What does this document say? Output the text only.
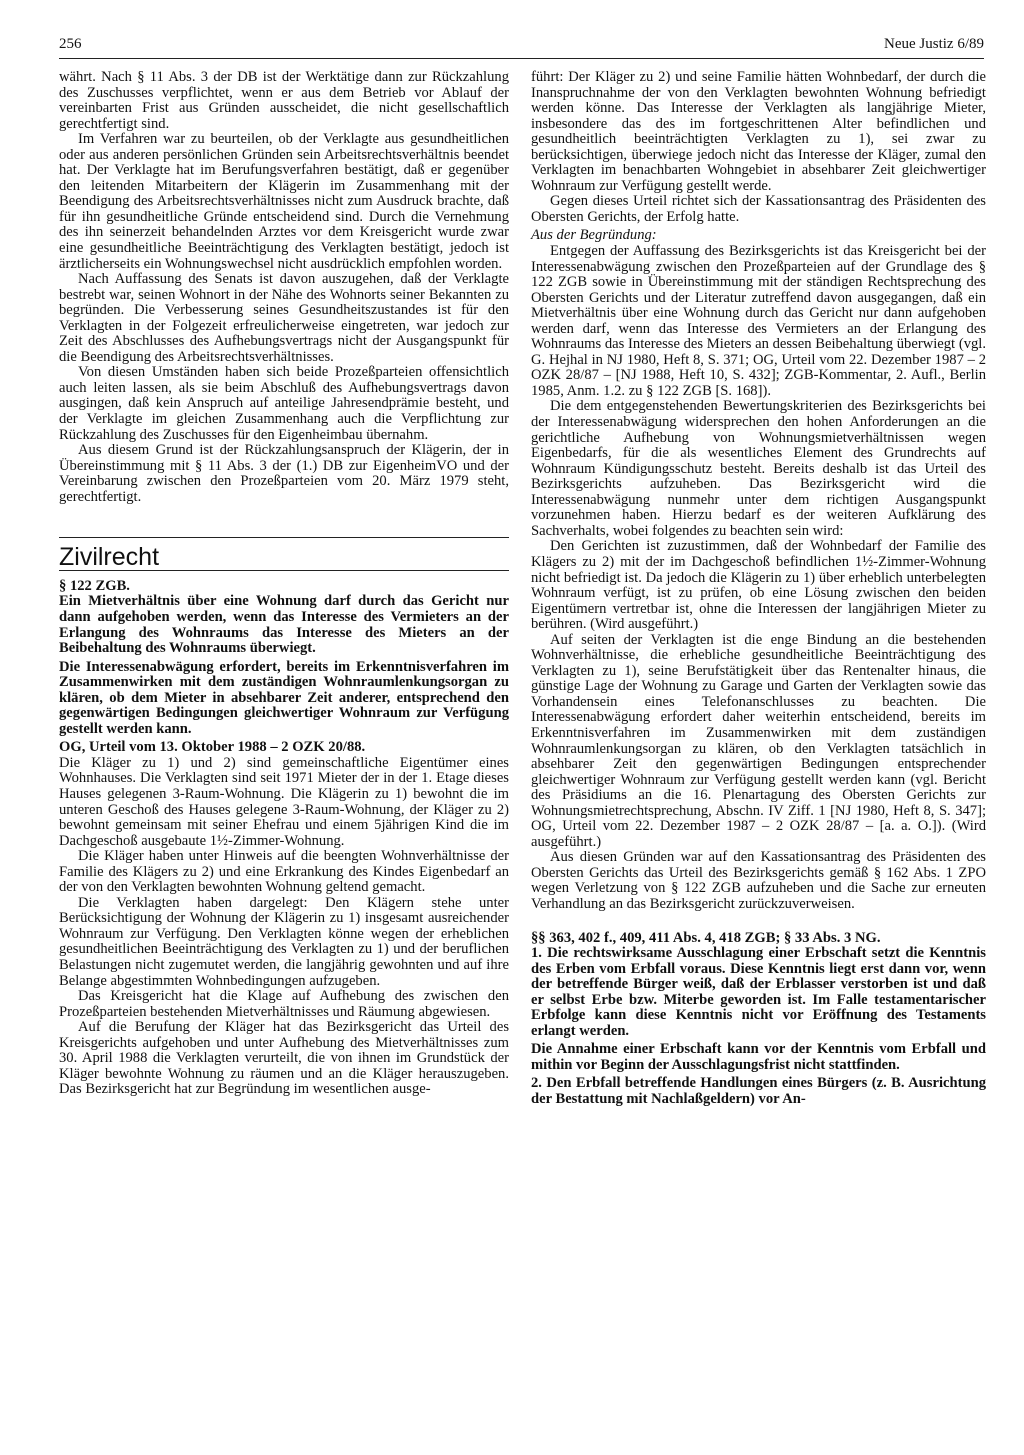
256	Neue Justiz 6/89

währt. Nach § 11 Abs. 3 der DB ist der Werktätige dann zur Rückzahlung des Zuschusses verpflichtet, wenn er aus dem Betrieb vor Ablauf der vereinbarten Frist aus Gründen ausscheidet, die nicht gesellschaftlich gerechtfertigt sind.

Im Verfahren war zu beurteilen, ob der Verklagte aus gesundheitlichen oder aus anderen persönlichen Gründen sein Arbeitsrechtsverhältnis beendet hat. Der Verklagte hat im Berufungsverfahren bestätigt, daß er gegenüber den leitenden Mitarbeitern der Klägerin im Zusammenhang mit der Beendigung des Arbeitsrechtsverhältnisses nicht zum Ausdruck brachte, daß für ihn gesundheitliche Gründe entscheidend sind. Durch die Vernehmung des ihn seinerzeit behandelnden Arztes vor dem Kreisgericht wurde zwar eine gesundheitliche Beeinträchtigung des Verklagten bestätigt, jedoch ist ärztlicherseits ein Wohnungswechsel nicht ausdrücklich empfohlen worden.

Nach Auffassung des Senats ist davon auszugehen, daß der Verklagte bestrebt war, seinen Wohnort in der Nähe des Wohnorts seiner Bekannten zu begründen. Die Verbesserung seines Gesundheitszustandes ist für den Verklagten in der Folgezeit erfreulicherweise eingetreten, war jedoch zur Zeit des Abschlusses des Aufhebungsvertrags nicht der Ausgangspunkt für die Beendigung des Arbeitsrechtsverhältnisses.

Von diesen Umständen haben sich beide Prozeßparteien offensichtlich auch leiten lassen, als sie beim Abschluß des Aufhebungsvertrags davon ausgingen, daß kein Anspruch auf anteilige Jahresendprämie besteht, und der Verklagte im gleichen Zusammenhang auch die Verpflichtung zur Rückzahlung des Zuschusses für den Eigenheimbau übernahm.

Aus diesem Grund ist der Rückzahlungsanspruch der Klägerin, der in Übereinstimmung mit § 11 Abs. 3 der (1.) DB zur EigenheimVO und der Vereinbarung zwischen den Prozeßparteien vom 20. März 1979 steht, gerechtfertigt.

Zivilrecht

§ 122 ZGB.

Ein Mietverhältnis über eine Wohnung darf durch das Gericht nur dann aufgehoben werden, wenn das Interesse des Vermieters an der Erlangung des Wohnraums das Interesse des Mieters an der Beibehaltung des Wohnraums überwiegt.

Die Interessenabwägung erfordert, bereits im Erkenntnisverfahren im Zusammenwirken mit dem zuständigen Wohnraumlenkungsorgan zu klären, ob dem Mieter in absehbarer Zeit anderer, entsprechend den gegenwärtigen Bedingungen gleichwertiger Wohnraum zur Verfügung gestellt werden kann.

OG, Urteil vom 13. Oktober 1988 – 2 OZK 20/88.

Die Kläger zu 1) und 2) sind gemeinschaftliche Eigentümer eines Wohnhauses. Die Verklagten sind seit 1971 Mieter der in der 1. Etage dieses Hauses gelegenen 3-Raum-Wohnung. Die Klägerin zu 1) bewohnt die im unteren Geschoß des Hauses gelegene 3-Raum-Wohnung, der Kläger zu 2) bewohnt gemeinsam mit seiner Ehefrau und einem 5jährigen Kind die im Dachgeschoß ausgebaute 1½-Zimmer-Wohnung.

Die Kläger haben unter Hinweis auf die beengten Wohnverhältnisse der Familie des Klägers zu 2) und eine Erkrankung des Kindes Eigenbedarf an der von den Verklagten bewohnten Wohnung geltend gemacht.

Die Verklagten haben dargelegt: Den Klägern stehe unter Berücksichtigung der Wohnung der Klägerin zu 1) insgesamt ausreichender Wohnraum zur Verfügung. Den Verklagten könne wegen der erheblichen gesundheitlichen Beeinträchtigung des Verklagten zu 1) und der beruflichen Belastungen nicht zugemutet werden, die langjährig gewohnten und auf ihre Belange abgestimmten Wohnbedingungen aufzugeben.

Das Kreisgericht hat die Klage auf Aufhebung des zwischen den Prozeßparteien bestehenden Mietverhältnisses und Räumung abgewiesen.

Auf die Berufung der Kläger hat das Bezirksgericht das Urteil des Kreisgerichts aufgehoben und unter Aufhebung des Mietverhältnisses zum 30. April 1988 die Verklagten verurteilt, die von ihnen im Grundstück der Kläger bewohnte Wohnung zu räumen und an die Kläger herauszugeben. Das Bezirksgericht hat zur Begründung im wesentlichen ausge-

führt: Der Kläger zu 2) und seine Familie hätten Wohnbedarf, der durch die Inanspruchnahme der von den Verklagten bewohnten Wohnung befriedigt werden könne. Das Interesse der Verklagten als langjährige Mieter, insbesondere das des im fortgeschrittenen Alter befindlichen und gesundheitlich beeinträchtigten Verklagten zu 1), sei zwar zu berücksichtigen, überwiege jedoch nicht das Interesse der Kläger, zumal den Verklagten im benachbarten Wohngebiet in absehbarer Zeit gleichwertiger Wohnraum zur Verfügung gestellt werde.

Gegen dieses Urteil richtet sich der Kassationsantrag des Präsidenten des Obersten Gerichts, der Erfolg hatte.

Aus der Begründung:

Entgegen der Auffassung des Bezirksgerichts ist das Kreisgericht bei der Interessenabwägung zwischen den Prozeßparteien auf der Grundlage des § 122 ZGB sowie in Übereinstimmung mit der ständigen Rechtsprechung des Obersten Gerichts und der Literatur zutreffend davon ausgegangen, daß ein Mietverhältnis über eine Wohnung durch das Gericht nur dann aufgehoben werden darf, wenn das Interesse des Vermieters an der Erlangung des Wohnraums das Interesse des Mieters an dessen Beibehaltung überwiegt (vgl. G. Hejhal in NJ 1980, Heft 8, S. 371; OG, Urteil vom 22. Dezember 1987 – 2 OZK 28/87 – [NJ 1988, Heft 10, S. 432]; ZGB-Kommentar, 2. Aufl., Berlin 1985, Anm. 1.2. zu § 122 ZGB [S. 168]).

Die dem entgegenstehenden Bewertungskriterien des Bezirksgerichts bei der Interessenabwägung widersprechen den hohen Anforderungen an die gerichtliche Aufhebung von Wohnungsmietverhältnissen wegen Eigenbedarfs, für die als wesentliches Element des Grundrechts auf Wohnraum Kündigungsschutz besteht. Bereits deshalb ist das Urteil des Bezirksgerichts aufzuheben. Das Bezirksgericht wird die Interessenabwägung nunmehr unter dem richtigen Ausgangspunkt vorzunehmen haben. Hierzu bedarf es der weiteren Aufklärung des Sachverhalts, wobei folgendes zu beachten sein wird:

Den Gerichten ist zuzustimmen, daß der Wohnbedarf der Familie des Klägers zu 2) mit der im Dachgeschoß befindlichen 1½-Zimmer-Wohnung nicht befriedigt ist. Da jedoch die Klägerin zu 1) über erheblich unterbelegten Wohnraum verfügt, ist zu prüfen, ob eine Lösung zwischen den beiden Eigentümern vertretbar ist, ohne die Interessen der langjährigen Mieter zu berühren. (Wird ausgeführt.)

Auf seiten der Verklagten ist die enge Bindung an die bestehenden Wohnverhältnisse, die erhebliche gesundheitliche Beeinträchtigung des Verklagten zu 1), seine Berufstätigkeit über das Rentenalter hinaus, die günstige Lage der Wohnung zu Garage und Garten der Verklagten sowie das Vorhandensein eines Telefonanschlusses zu beachten. Die Interessenabwägung erfordert daher weiterhin entscheidend, bereits im Erkenntnisverfahren im Zusammenwirken mit dem zuständigen Wohnraumlenkungsorgan zu klären, ob den Verklagten tatsächlich in absehbarer Zeit den gegenwärtigen Bedingungen entsprechender gleichwertiger Wohnraum zur Verfügung gestellt werden kann (vgl. Bericht des Präsidiums an die 16. Plenartagung des Obersten Gerichts zur Wohnungsmietrechtsprechung, Abschn. IV Ziff. 1 [NJ 1980, Heft 8, S. 347]; OG, Urteil vom 22. Dezember 1987 – 2 OZK 28/87 – [a. a. O.]). (Wird ausgeführt.)

Aus diesen Gründen war auf den Kassationsantrag des Präsidenten des Obersten Gerichts das Urteil des Bezirksgerichts gemäß § 162 Abs. 1 ZPO wegen Verletzung von § 122 ZGB aufzuheben und die Sache zur erneuten Verhandlung an das Bezirksgericht zurückzuverweisen.

§§ 363, 402 f., 409, 411 Abs. 4, 418 ZGB; § 33 Abs. 3 NG.

1. Die rechtswirksame Ausschlagung einer Erbschaft setzt die Kenntnis des Erben vom Erbfall voraus. Diese Kenntnis liegt erst dann vor, wenn der betreffende Bürger weiß, daß der Erblasser verstorben ist und daß er selbst Erbe bzw. Miterbe geworden ist. Im Falle testamentarischer Erbfolge kann diese Kenntnis nicht vor Eröffnung des Testaments erlangt werden.

Die Annahme einer Erbschaft kann vor der Kenntnis vom Erbfall und mithin vor Beginn der Ausschlagungsfrist nicht stattfinden.

2. Den Erbfall betreffende Handlungen eines Bürgers (z. B. Ausrichtung der Bestattung mit Nachlaßgeldern) vor An-
